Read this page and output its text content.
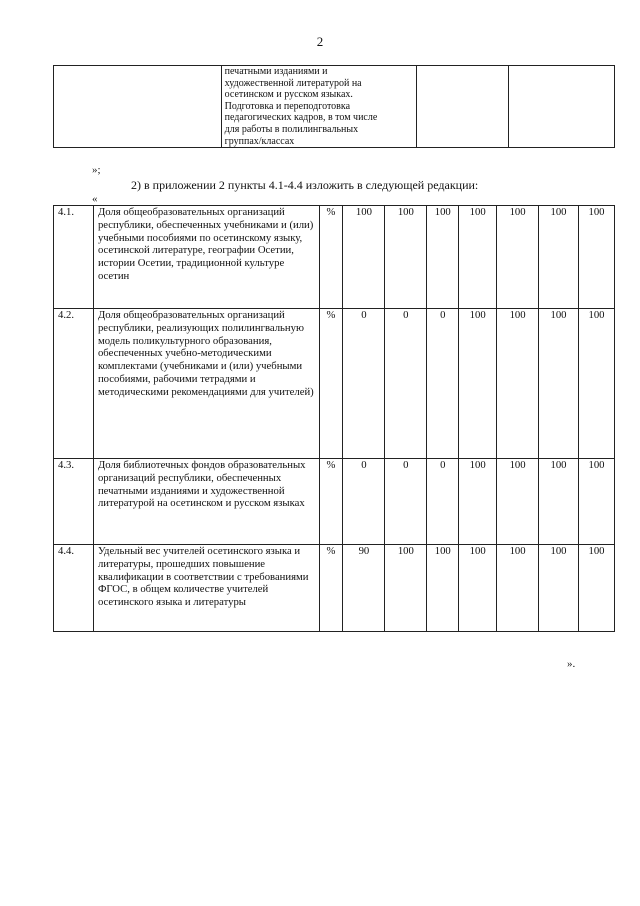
2

печатными изданиями и
художественной литературой на
осетинском и русском языках.
Подготовка и переподготовка
педагогических кадров, в том числе
для работы в полилингвальных
группах/классах

»;
2) в приложении 2 пункты 4.1-4.4 изложить в следующей редакции:
«
4.1.	Доля общеобразовательных организаций республики, обеспеченных учебниками и (или) учебными пособиями по осетинскому языку, осетинской литературе, географии Осетии, истории Осетии, традиционной культуре осетин	%	100	100	100	100	100	100	100
4.2.	Доля общеобразовательных организаций республики, реализующих полилингвальную модель поликультурного образования, обеспеченных учебно-методическими комплектами (учебниками и (или) учебными пособиями, рабочими тетрадями и методическими рекомендациями для учителей)	%	0	0	0	100	100	100	100
4.3.	Доля библиотечных фондов образовательных организаций республики, обеспеченных печатными изданиями и художественной литературой на осетинском и русском языках	%	0	0	0	100	100	100	100
4.4.	Удельный вес учителей осетинского языка и литературы, прошедших повышение квалификации в соответствии с требованиями ФГОС, в общем количестве учителей осетинского языка и литературы	%	90	100	100	100	100	100	100
».
